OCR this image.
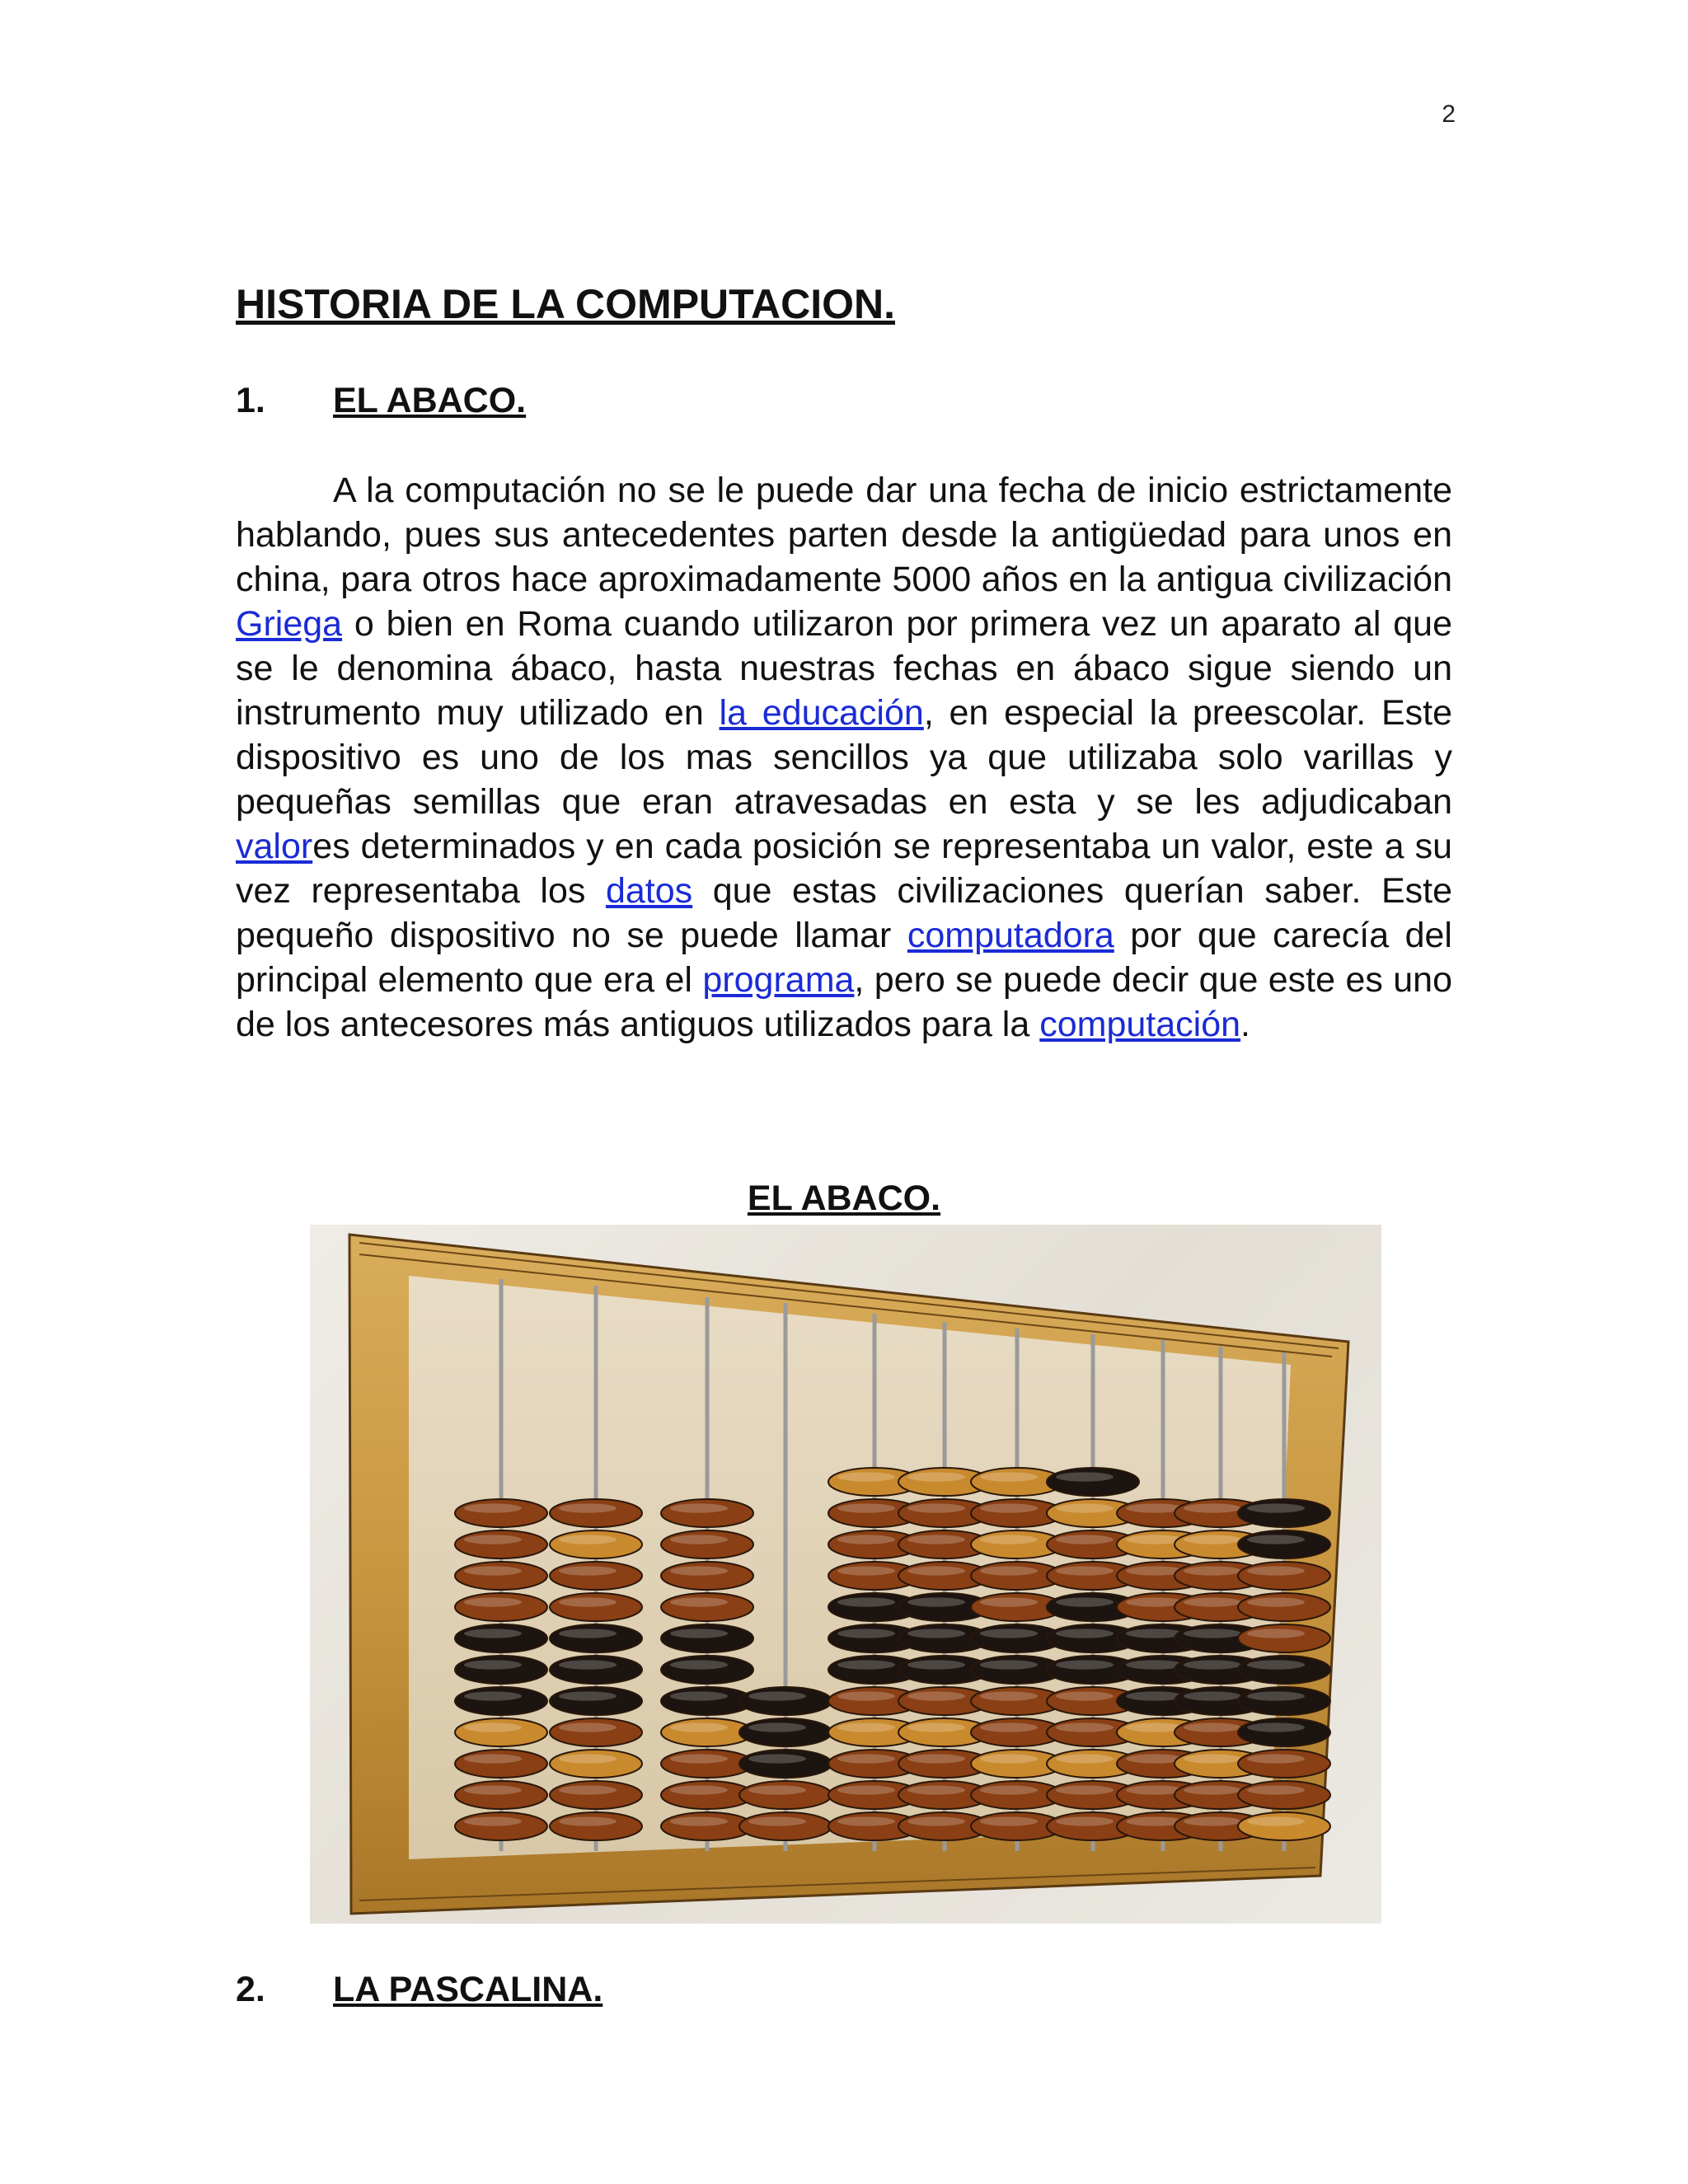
2
HISTORIA DE LA COMPUTACION.
1. EL ABACO.

A la computación no se le puede dar una fecha de inicio estrictamente hablando, pues sus antecedentes parten desde la antigüedad para unos en china, para otros hace aproximadamente 5000 años en la antigua civilización Griega o bien en Roma cuando utilizaron por primera vez un aparato al que se le denomina ábaco, hasta nuestras fechas en ábaco sigue siendo un instrumento muy utilizado en la educación, en especial la preescolar. Este dispositivo es uno de los mas sencillos ya que utilizaba solo varillas y pequeñas semillas que eran atravesadas en esta y se les adjudicaban valores determinados y en cada posición se representaba un valor, este a su vez representaba los datos que estas civilizaciones querían saber. Este pequeño dispositivo no se puede llamar computadora por que carecía del principal elemento que era el programa, pero se puede decir que este es uno de los antecesores más antiguos utilizados para la computación.

EL ABACO.

2. LA PASCALINA.
